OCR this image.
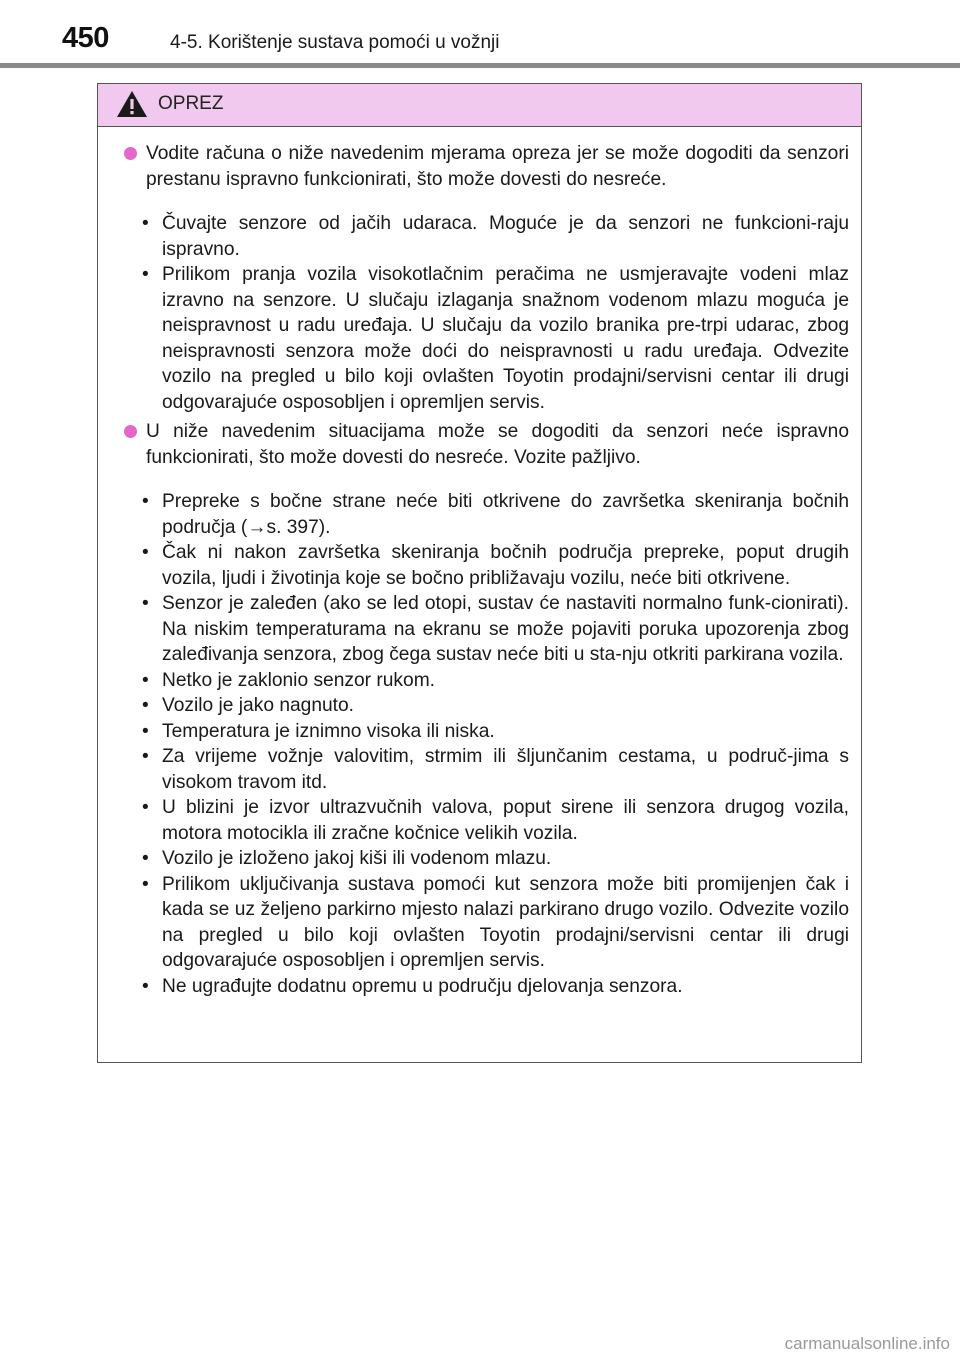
450	4-5. Korištenje sustava pomoći u vožnji
OPREZ
Vodite računa o niže navedenim mjerama opreza jer se može dogoditi da senzori prestanu ispravno funkcionirati, što može dovesti do nesreće.
• Čuvajte senzore od jačih udaraca. Moguće je da senzori ne funkcioni-raju ispravno.
• Prilikom pranja vozila visokotlačnim peračima ne usmjeravajte vodeni mlaz izravno na senzore. U slučaju izlaganja snažnom vodenom mlazu moguća je neispravnost u radu uređaja. U slučaju da vozilo branika pre-trpi udarac, zbog neispravnosti senzora može doći do neispravnosti u radu uređaja. Odvezite vozilo na pregled u bilo koji ovlašten Toyotin prodajni/servisni centar ili drugi odgovarajuće osposobljen i opremljen servis.
U niže navedenim situacijama može se dogoditi da senzori neće ispravno funkcionirati, što može dovesti do nesreće. Vozite pažljivo.
• Prepreke s bočne strane neće biti otkrivene do završetka skeniranja bočnih područja (→s. 397).
• Čak ni nakon završetka skeniranja bočnih područja prepreke, poput drugih vozila, ljudi i životinja koje se bočno približavaju vozilu, neće biti otkrivene.
• Senzor je zaleđen (ako se led otopi, sustav će nastaviti normalno funk-cionirati). Na niskim temperaturama na ekranu se može pojaviti poruka upozorenja zbog zaleđivanja senzora, zbog čega sustav neće biti u sta-nju otkriti parkirana vozila.
• Netko je zaklonio senzor rukom.
• Vozilo je jako nagnuto.
• Temperatura je iznimno visoka ili niska.
• Za vrijeme vožnje valovitim, strmim ili šljunčanim cestama, u područ-jima s visokom travom itd.
• U blizini je izvor ultrazvučnih valova, poput sirene ili senzora drugog vozila, motora motocikla ili zračne kočnice velikih vozila.
• Vozilo je izloženo jakoj kiši ili vodenom mlazu.
• Prilikom uključivanja sustava pomoći kut senzora može biti promijenjen čak i kada se uz željeno parkirno mjesto nalazi parkirano drugo vozilo. Odvezite vozilo na pregled u bilo koji ovlašten Toyotin prodajni/servisni centar ili drugi odgovarajuće osposobljen i opremljen servis.
• Ne ugrađujte dodatnu opremu u području djelovanja senzora.
carmanualsonline.info
